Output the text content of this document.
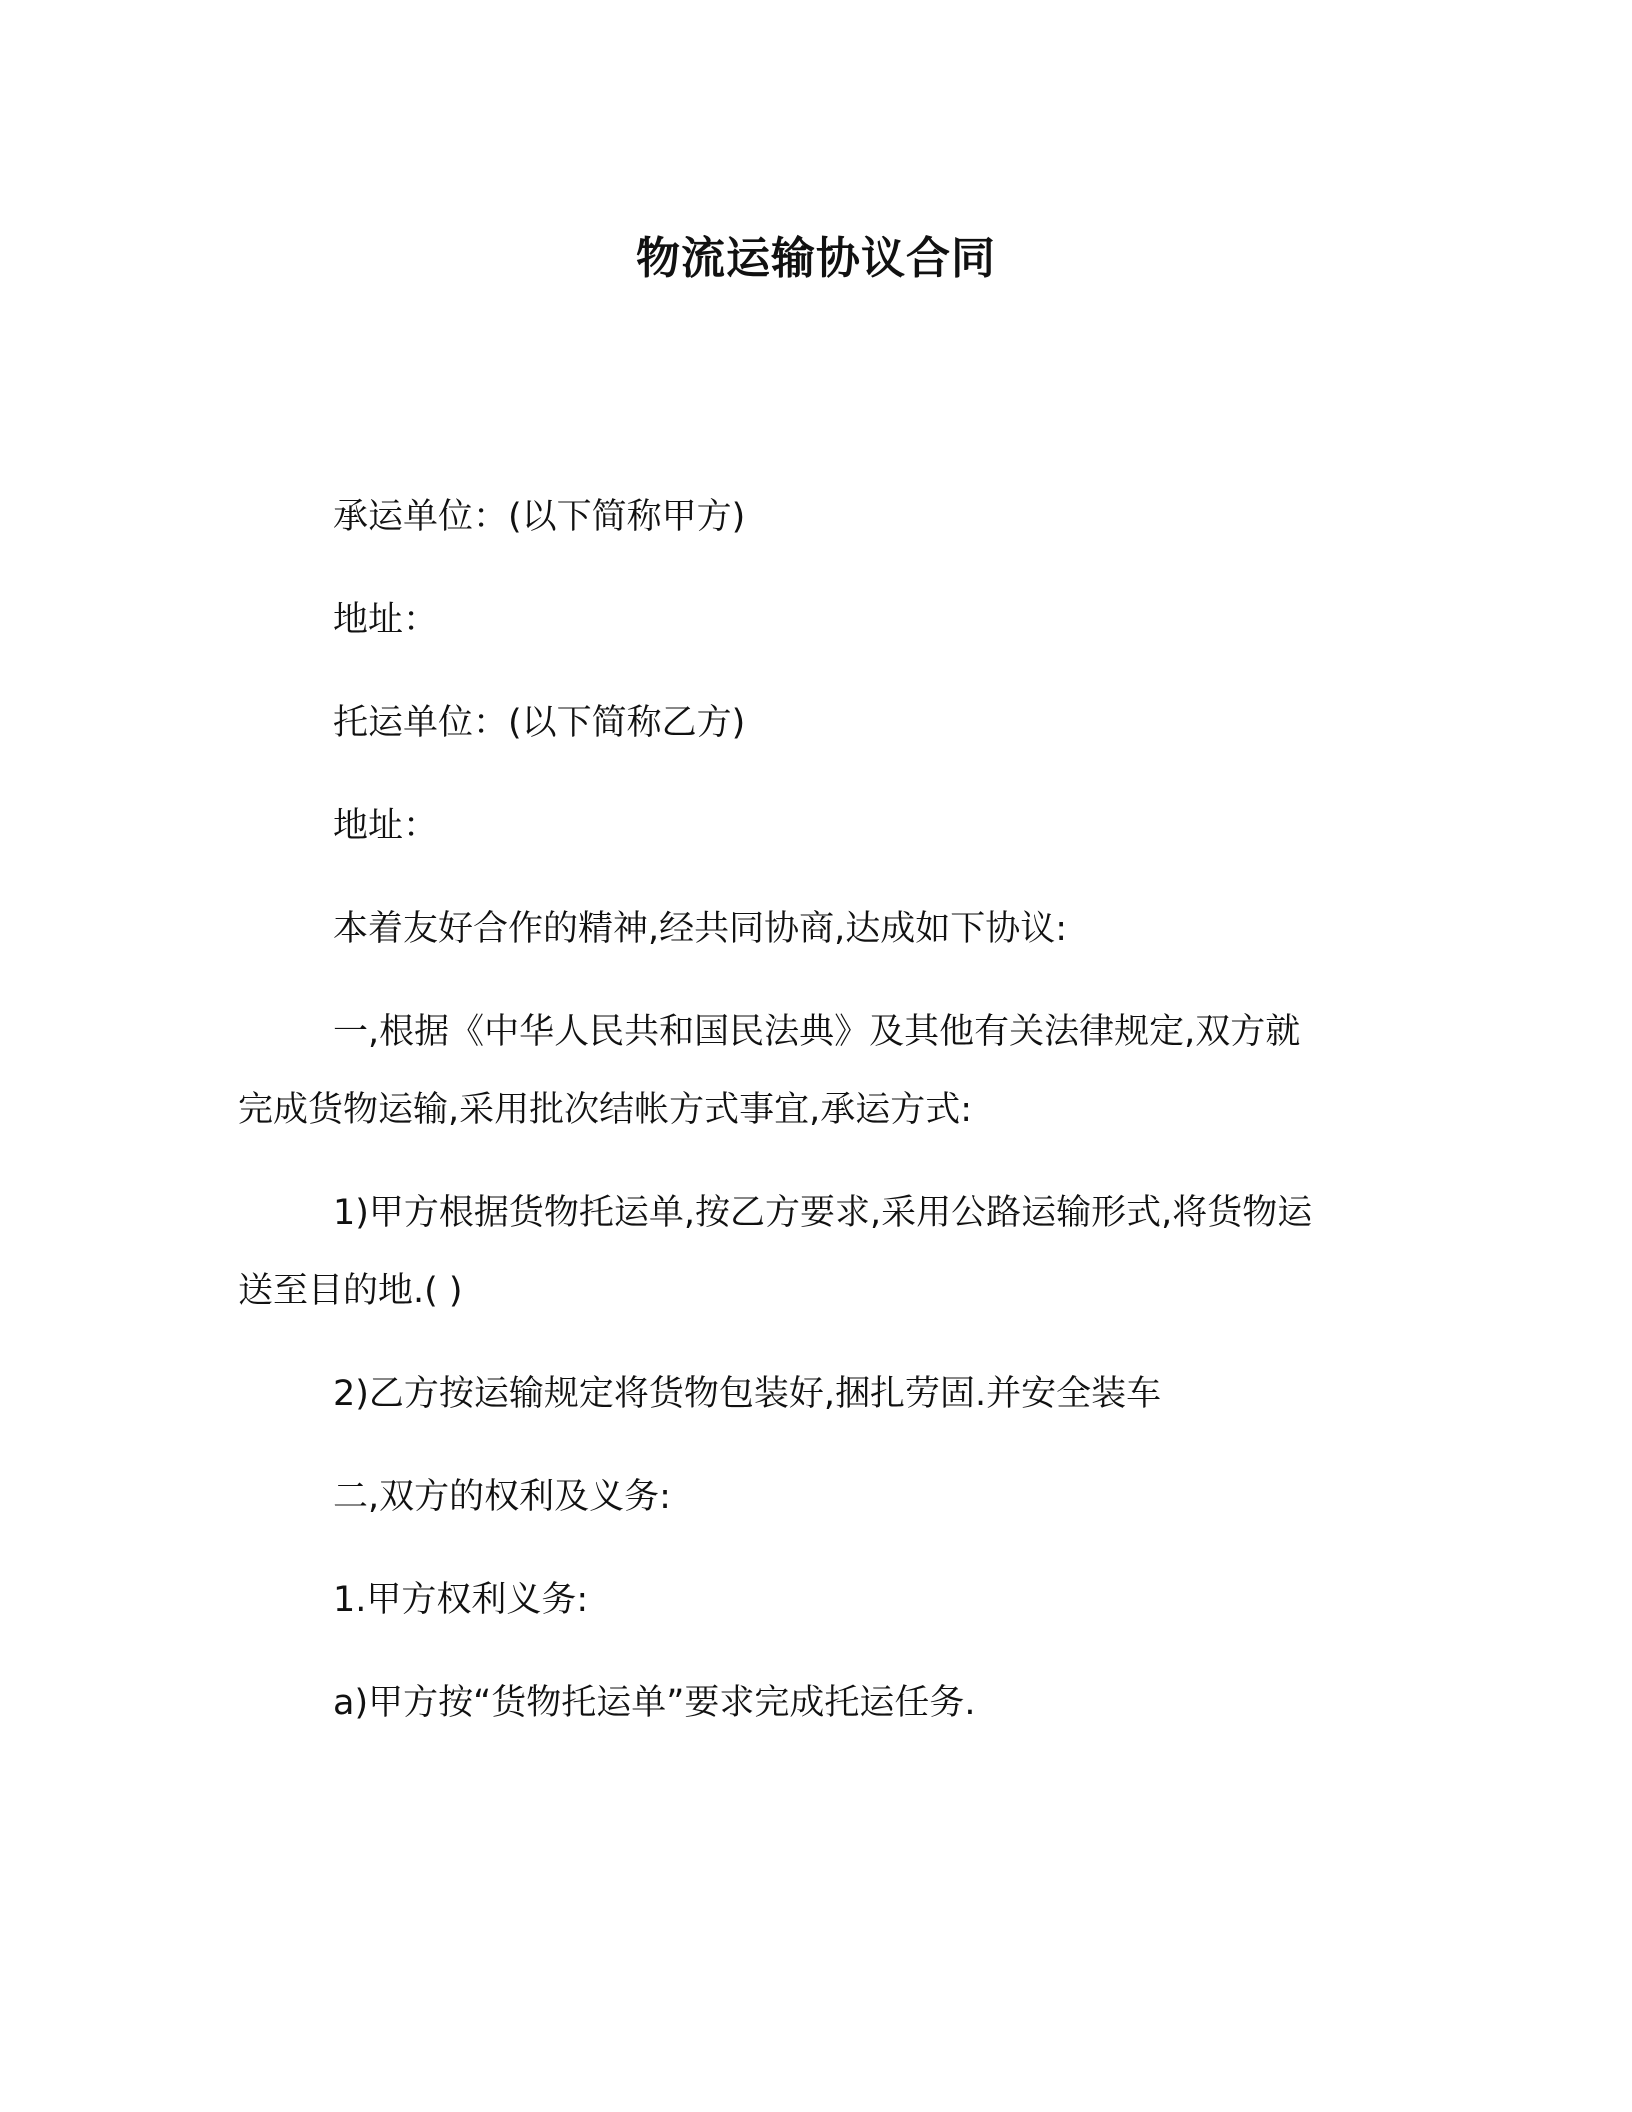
物流运输协议合同
承运单位：(以下简称甲方)
地址：
托运单位：(以下简称乙方)
地址：
本着友好合作的精神,经共同协商,达成如下协议:
一,根据《中华人民共和国民法典》及其他有关法律规定,双方就
完成货物运输,采用批次结帐方式事宜,承运方式:
1)甲方根据货物托运单,按乙方要求,采用公路运输形式,将货物运
送至目的地.( )
2)乙方按运输规定将货物包装好,捆扎劳固.并安全装车
二,双方的权利及义务:
1.甲方权利义务:
a)甲方按“货物托运单”要求完成托运任务.
